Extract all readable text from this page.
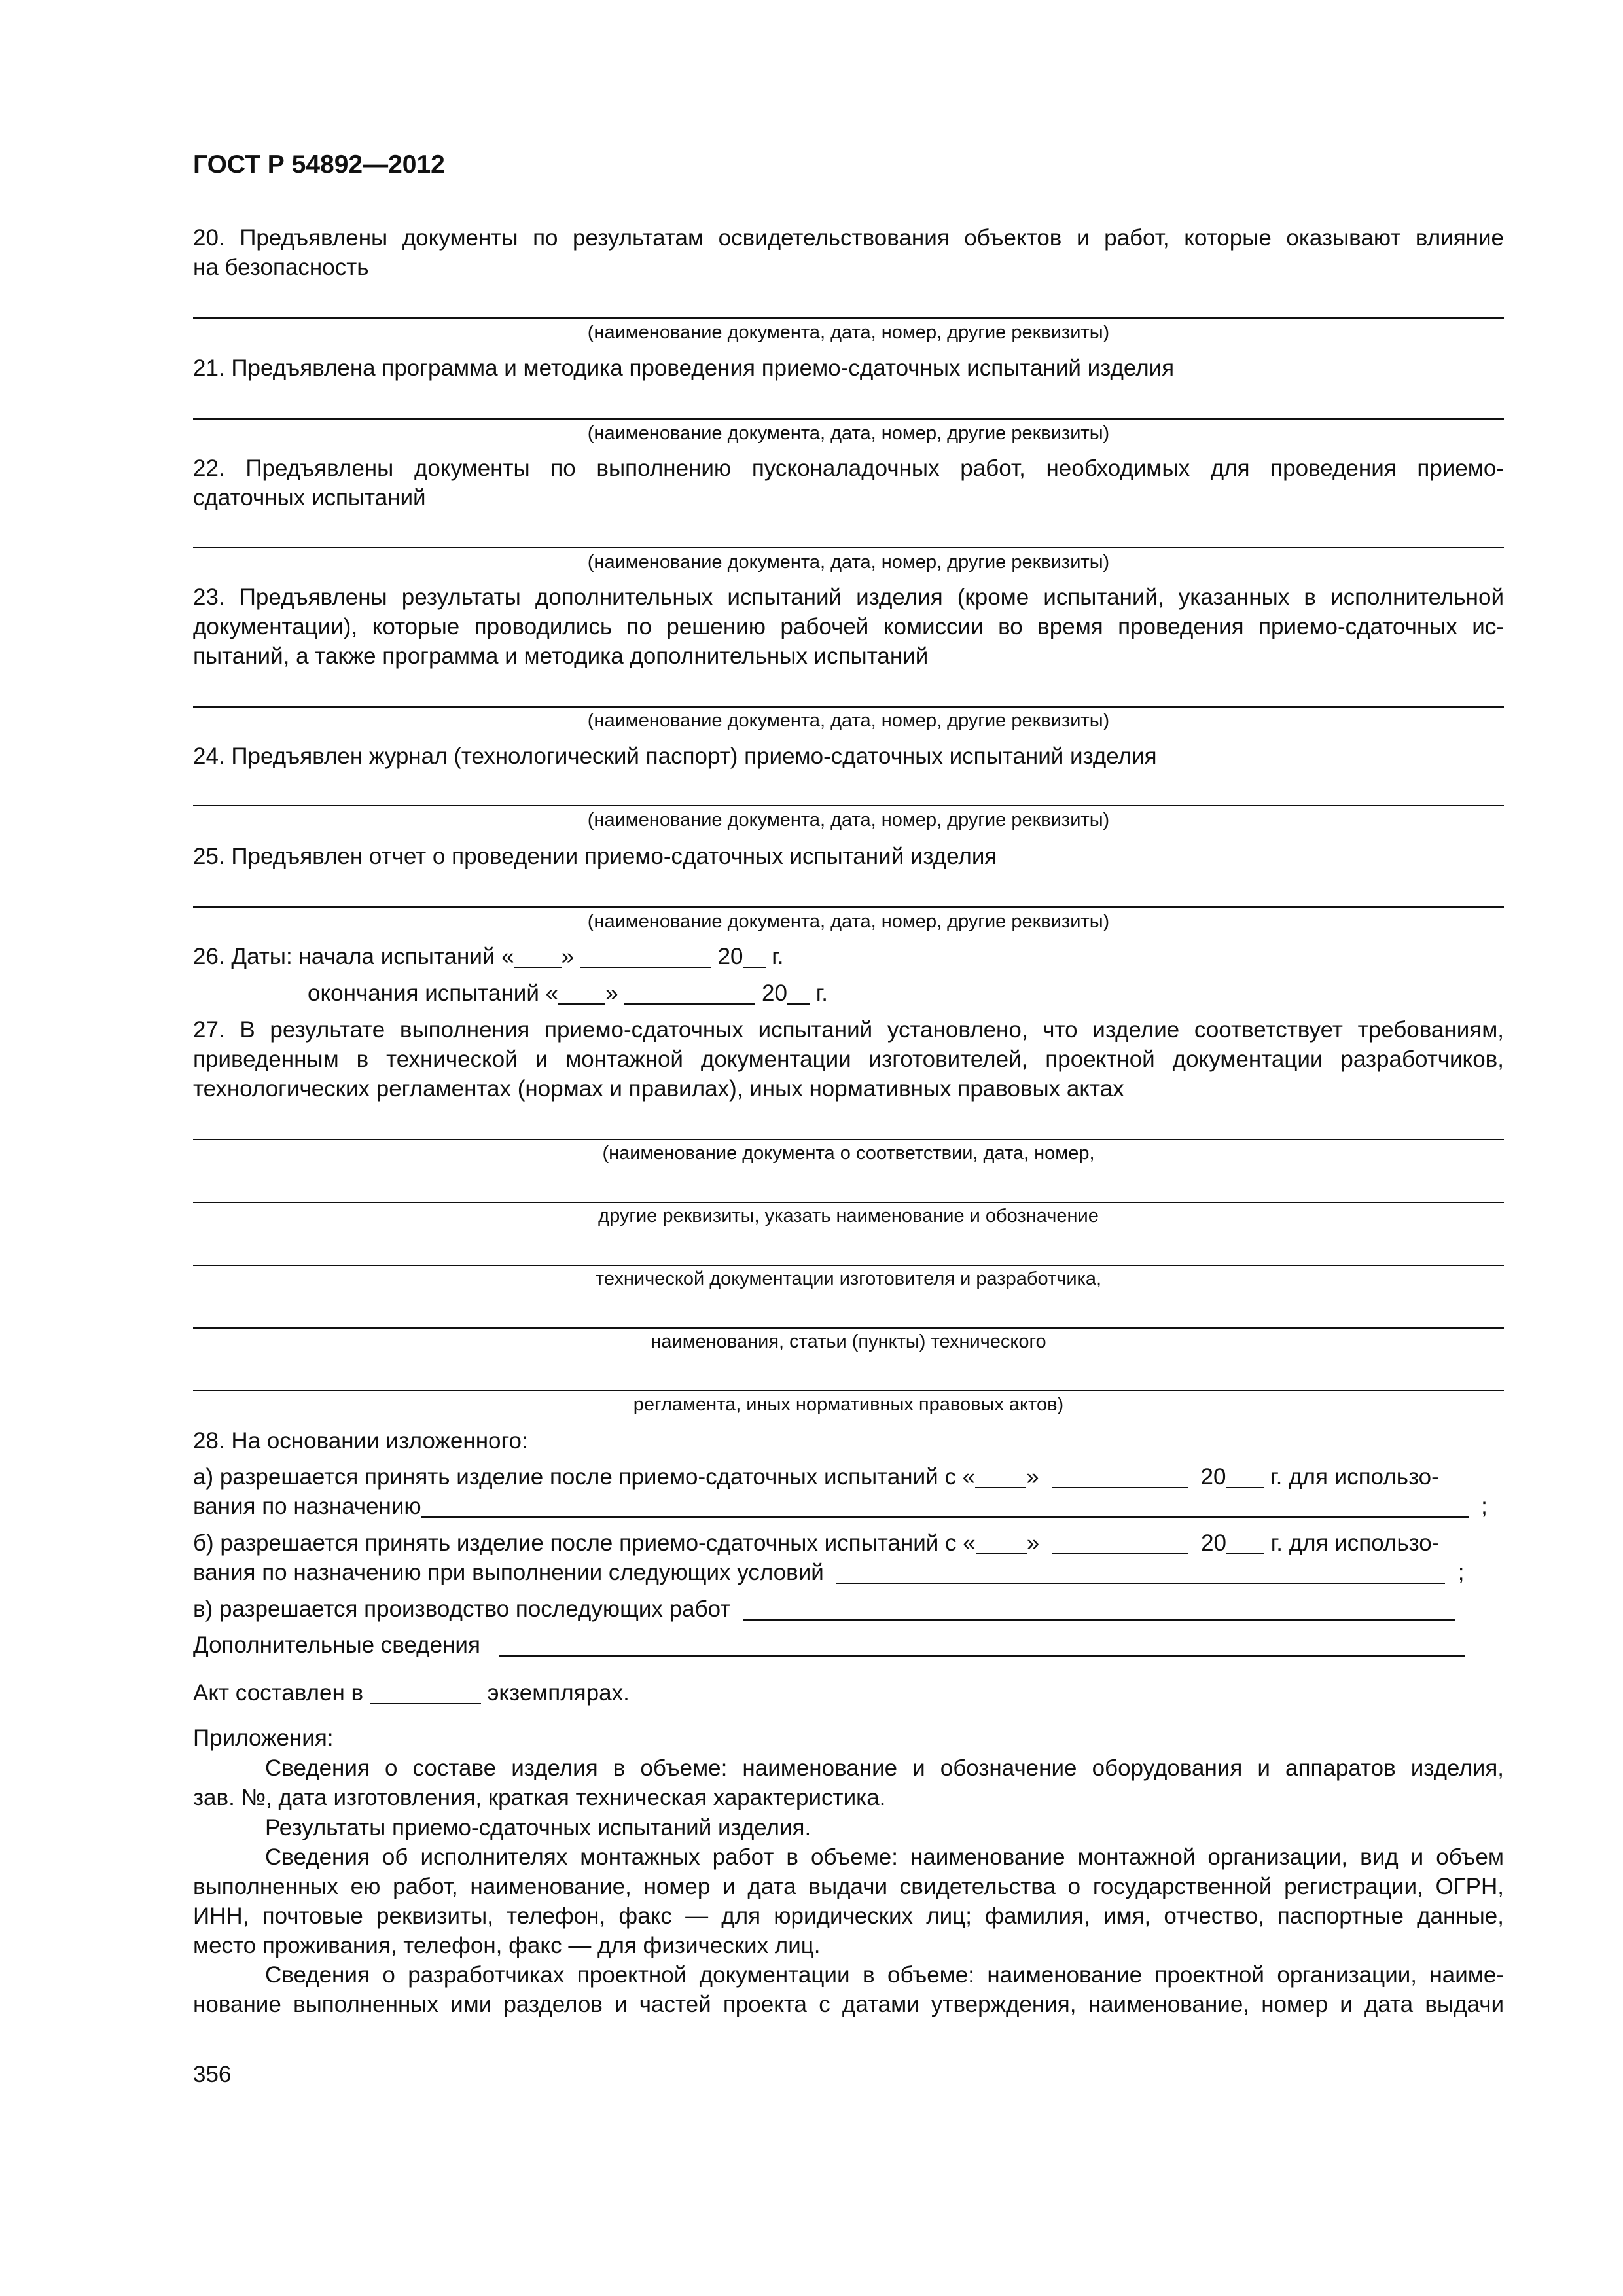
ГОСТ Р 54892—2012
20. Предъявлены документы по результатам освидетельствования объектов и работ, которые оказывают влияние
на безопасность
(наименование документа, дата, номер, другие реквизиты)
21. Предъявлена программа и методика проведения приемо-сдаточных испытаний изделия
(наименование документа, дата, номер, другие реквизиты)
22. Предъявлены документы по выполнению пусконаладочных работ, необходимых для проведения приемо-
сдаточных испытаний
(наименование документа, дата, номер, другие реквизиты)
23. Предъявлены результаты дополнительных испытаний изделия (кроме испытаний, указанных в исполнительной
документации), которые проводились по решению рабочей комиссии во время проведения приемо-сдаточных ис-
пытаний, а также программа и методика дополнительных испытаний
(наименование документа, дата, номер, другие реквизиты)
24. Предъявлен журнал (технологический паспорт) приемо-сдаточных испытаний изделия
(наименование документа, дата, номер, другие реквизиты)
25. Предъявлен отчет о проведении приемо-сдаточных испытаний изделия
(наименование документа, дата, номер, другие реквизиты)
26. Даты: начала испытаний « »	20 г.
окончания испытаний « »	20 г.
27. В результате выполнения приемо-сдаточных испытаний установлено, что изделие соответствует требованиям,
приведенным в технической и монтажной документации изготовителей, проектной документации разработчиков,
технологических регламентах (нормах и правилах), иных нормативных правовых актах
(наименование документа о соответствии, дата, номер,
другие реквизиты, указать наименование и обозначение
технической документации изготовителя и разработчика,
наименования, статьи (пункты) технического
регламента, иных нормативных правовых актов)
28. На основании изложенного:
а) разрешается принять изделие после приемо-сдаточных испытаний с « »	20 г. для использо-
вания по назначению	;
б) разрешается принять изделие после приемо-сдаточных испытаний с « »	20 г. для использо-
вания по назначению при выполнении следующих условий	;
в) разрешается производство последующих работ
Дополнительные сведения
Акт составлен в	экземплярах.
Приложения:
Сведения о составе изделия в объеме: наименование и обозначение оборудования и аппаратов изделия,
зав. №, дата изготовления, краткая техническая характеристика.
Результаты приемо-сдаточных испытаний изделия.
Сведения об исполнителях монтажных работ в объеме: наименование монтажной организации, вид и объем
выполненных ею работ, наименование, номер и дата выдачи свидетельства о государственной регистрации, ОГРН,
ИНН, почтовые реквизиты, телефон, факс — для юридических лиц; фамилия, имя, отчество, паспортные данные,
место проживания, телефон, факс — для физических лиц.
Сведения о разработчиках проектной документации в объеме: наименование проектной организации, наиме-
нование выполненных ими разделов и частей проекта с датами утверждения, наименование, номер и дата выдачи
356
